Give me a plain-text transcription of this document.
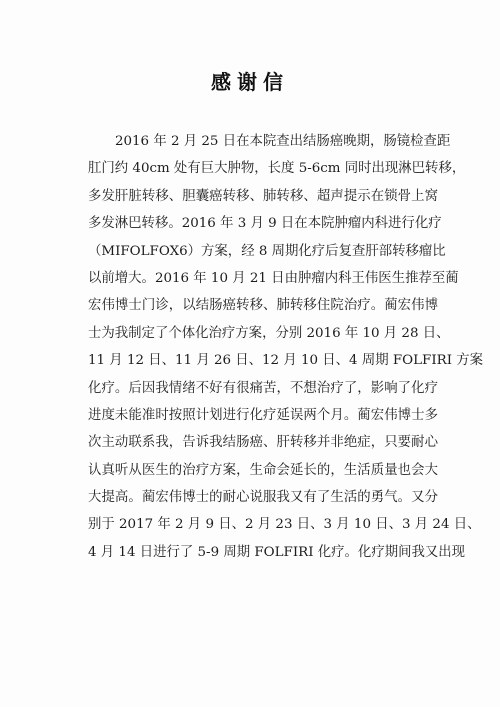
感谢信
2016 年 2 月 25 日在本院查出结肠癌晚期，肠镜检查距
肛门约 40cm 处有巨大肿物，长度 5-6cm 同时出现淋巴转移，
多发肝脏转移、胆囊癌转移、肺转移、超声提示在锁骨上窝
多发淋巴转移。2016 年 3 月 9 日在本院肿瘤内科进行化疗
（MIFOLFOX6）方案，经 8 周期化疗后复查肝部转移瘤比
以前增大。2016 年 10 月 21 日由肿瘤内科王伟医生推荐至蔺
宏伟博士门诊，以结肠癌转移、肺转移住院治疗。蔺宏伟博
士为我制定了个体化治疗方案，分别 2016 年 10 月 28 日、
11 月 12 日、11 月 26 日、12 月 10 日、4 周期 FOLFIRI 方案
化疗。后因我情绪不好有很痛苦，不想治疗了，影响了化疗
进度未能准时按照计划进行化疗延误两个月。蔺宏伟博士多
次主动联系我，告诉我结肠癌、肝转移并非绝症，只要耐心
认真听从医生的治疗方案，生命会延长的，生活质量也会大
大提高。蔺宏伟博士的耐心说服我又有了生活的勇气。又分
别于 2017 年 2 月 9 日、2 月 23 日、3 月 10 日、3 月 24 日、
4 月 14 日进行了 5-9 周期 FOLFIRI 化疗。化疗期间我又出现
